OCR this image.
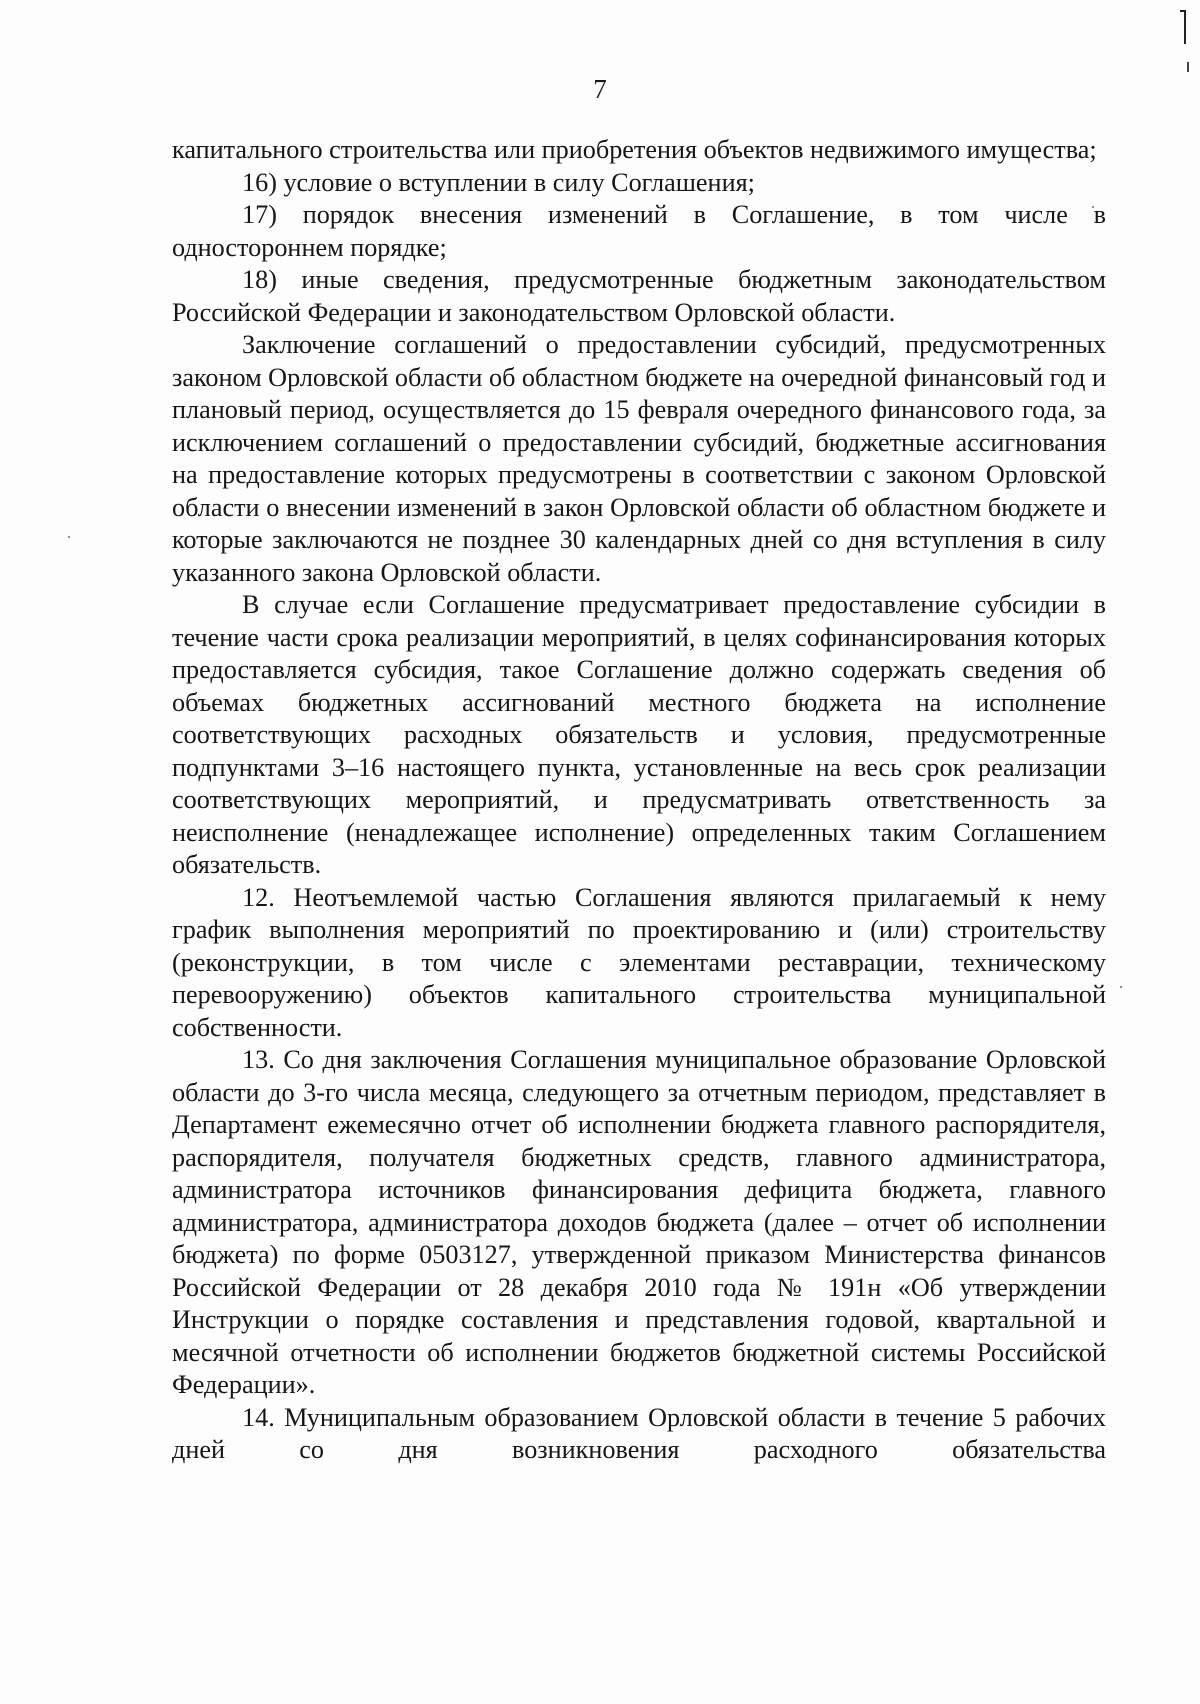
7

капитального строительства или приобретения объектов недвижимого имущества;

16) условие о вступлении в силу Соглашения;

17) порядок внесения изменений в Соглашение, в том числе в одностороннем порядке;

18) иные сведения, предусмотренные бюджетным законодательством Российской Федерации и законодательством Орловской области.

Заключение соглашений о предоставлении субсидий, предусмотренных законом Орловской области об областном бюджете на очередной финансовый год и плановый период, осуществляется до 15 февраля очередного финансового года, за исключением соглашений о предоставлении субсидий, бюджетные ассигнования на предоставление которых предусмотрены в соответствии с законом Орловской области о внесении изменений в закон Орловской области об областном бюджете и которые заключаются не позднее 30 календарных дней со дня вступления в силу указанного закона Орловской области.

В случае если Соглашение предусматривает предоставление субсидии в течение части срока реализации мероприятий, в целях софинансирования которых предоставляется субсидия, такое Соглашение должно содержать сведения об объемах бюджетных ассигнований местного бюджета на исполнение соответствующих расходных обязательств и условия, предусмотренные подпунктами 3–16 настоящего пункта, установленные на весь срок реализации соответствующих мероприятий, и предусматривать ответственность за неисполнение (ненадлежащее исполнение) определенных таким Соглашением обязательств.

12. Неотъемлемой частью Соглашения являются прилагаемый к нему график выполнения мероприятий по проектированию и (или) строительству (реконструкции, в том числе с элементами реставрации, техническому перевооружению) объектов капитального строительства муниципальной собственности.

13. Со дня заключения Соглашения муниципальное образование Орловской области до 3-го числа месяца, следующего за отчетным периодом, представляет в Департамент ежемесячно отчет об исполнении бюджета главного распорядителя, распорядителя, получателя бюджетных средств, главного администратора, администратора источников финансирования дефицита бюджета, главного администратора, администратора доходов бюджета (далее – отчет об исполнении бюджета) по форме 0503127, утвержденной приказом Министерства финансов Российской Федерации от 28 декабря 2010 года № 191н «Об утверждении Инструкции о порядке составления и представления годовой, квартальной и месячной отчетности об исполнении бюджетов бюджетной системы Российской Федерации».

14. Муниципальным образованием Орловской области в течение 5 рабочих дней со дня возникновения расходного обязательства
